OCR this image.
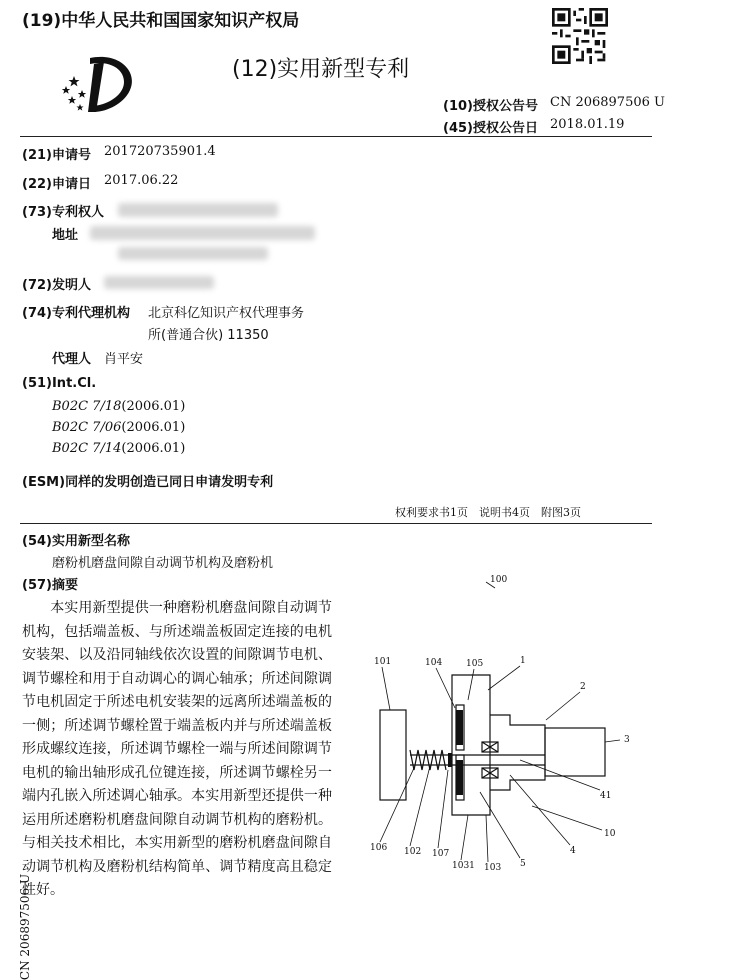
(19)中华人民共和国国家知识产权局
(12)实用新型专利
(10)授权公告号 CN 206897506 U
(45)授权公告日 2018.01.19
(21)申请号 201720735901.4
(22)申请日 2017.06.22
(73)专利权人
地址
(72)发明人
(74)专利代理机构 北京科亿知识产权代理事务
所(普通合伙) 11350
代理人 肖平安
(51)Int.Cl.
B02C 7/18(2006.01)
B02C 7/06(2006.01)
B02C 7/14(2006.01)
(ESM)同样的发明创造已同日申请发明专利
权利要求书1页　说明书4页　附图3页
(54)实用新型名称
磨粉机磨盘间隙自动调节机构及磨粉机
(57)摘要
　　本实用新型提供一种磨粉机磨盘间隙自动调节机构，包括端盖板、与所述端盖板固定连接的电机安装架、以及沿同轴线依次设置的间隙调节电机、调节螺栓和用于自动调心的调心轴承；所述间隙调节电机固定于所述电机安装架的远离所述端盖板的一侧；所述调节螺栓置于端盖板内并与所述端盖板形成螺纹连接，所述调节螺栓一端与所述间隙调节电机的输出轴形成孔位键连接，所述调节螺栓另一端内孔嵌入所述调心轴承。本实用新型还提供一种运用所述磨粉机磨盘间隙自动调节机构的磨粉机。与相关技术相比，本实用新型的磨粉机磨盘间隙自动调节机构及磨粉机结构简单、调节精度高且稳定性好。
100
101	104	105	1
2
3
41
10
4
5
103
1031
107
102
106
CN 206897506 U
